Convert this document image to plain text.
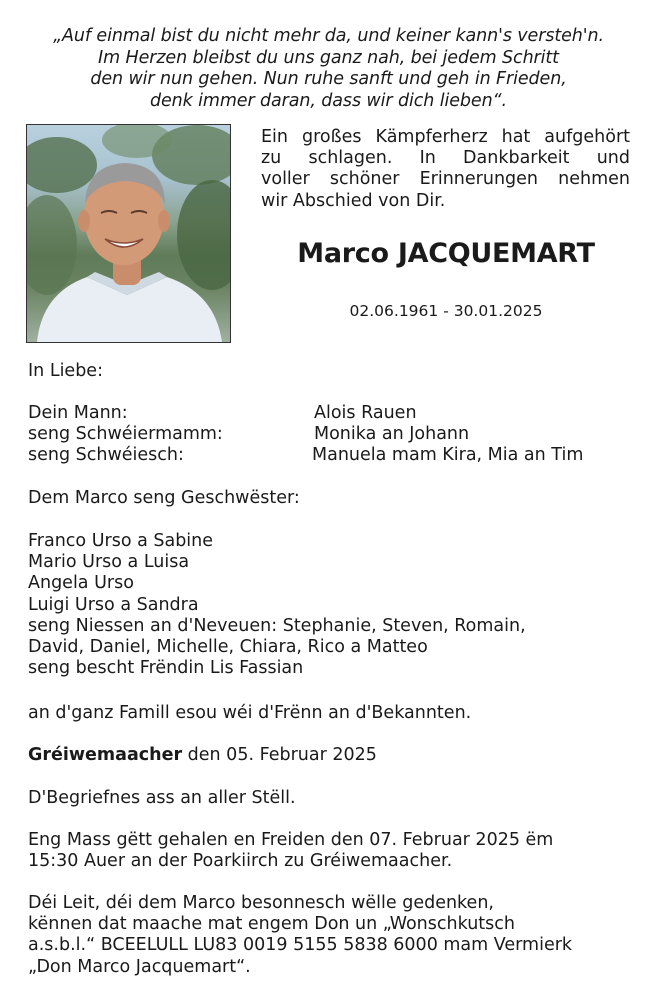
„Auf einmal bist du nicht mehr da, und keiner kann's versteh'n.
Im Herzen bleibst du uns ganz nah, bei jedem Schritt
den wir nun gehen. Nun ruhe sanft und geh in Frieden,
denk immer daran, dass wir dich lieben“.
Ein großes Kämpferherz hat aufgehört
zu schlagen. In Dankbarkeit und
voller schöner Erinnerungen nehmen
wir Abschied von Dir.
Marco JACQUEMART
02.06.1961 - 30.01.2025
In Liebe:
Dein Mann:	Alois Rauen
seng Schwéiermamm:	Monika an Johann
seng Schwéiesch:	Manuela mam Kira, Mia an Tim
Dem Marco seng Geschwëster:
Franco Urso a Sabine
Mario Urso a Luisa
Angela Urso
Luigi Urso a Sandra
seng Niessen an d'Neveuen: Stephanie, Steven, Romain,
David, Daniel, Michelle, Chiara, Rico a Matteo
seng bescht Frëndin Lis Fassian
an d'ganz Famill esou wéi d'Frënn an d'Bekannten.
Gréiwemaacher den 05. Februar 2025
D'Begriefnes ass an aller Stëll.
Eng Mass gëtt gehalen en Freiden den 07. Februar 2025 ëm
15:30 Auer an der Poarkiirch zu Gréiwemaacher.
Déi Leit, déi dem Marco besonnesch wëlle gedenken,
kënnen dat maache mat engem Don un „Wonschkutsch
a.s.b.l.“ BCEELULL LU83 0019 5155 5838 6000 mam Vermierk
„Don Marco Jacquemart“.
